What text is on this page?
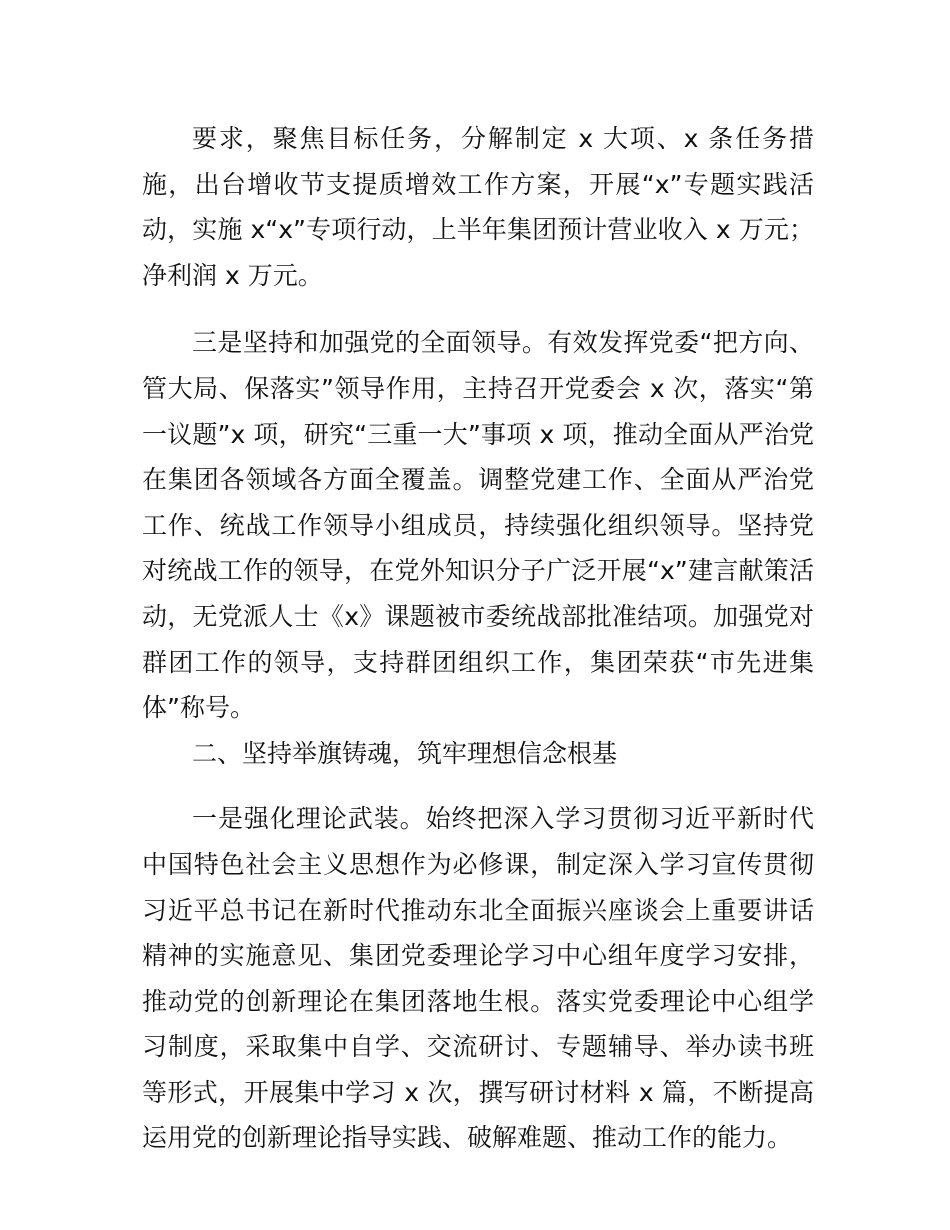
要求，聚焦目标任务，分解制定 x 大项、x 条任务措施，出台增收节支提质增效工作方案，开展“x”专题实践活动，实施 x“x”专项行动，上半年集团预计营业收入 x 万元；净利润 x 万元。

三是坚持和加强党的全面领导。有效发挥党委“把方向、管大局、保落实”领导作用，主持召开党委会 x 次，落实“第一议题”x 项，研究“三重一大”事项 x 项，推动全面从严治党在集团各领域各方面全覆盖。调整党建工作、全面从严治党工作、统战工作领导小组成员，持续强化组织领导。坚持党对统战工作的领导，在党外知识分子广泛开展“x”建言献策活动，无党派人士《x》课题被市委统战部批准结项。加强党对群团工作的领导，支持群团组织工作，集团荣获“市先进集体”称号。

二、坚持举旗铸魂，筑牢理想信念根基

一是强化理论武装。始终把深入学习贯彻习近平新时代中国特色社会主义思想作为必修课，制定深入学习宣传贯彻习近平总书记在新时代推动东北全面振兴座谈会上重要讲话精神的实施意见、集团党委理论学习中心组年度学习安排，推动党的创新理论在集团落地生根。落实党委理论中心组学习制度，采取集中自学、交流研讨、专题辅导、举办读书班等形式，开展集中学习 x 次，撰写研讨材料 x 篇，不断提高运用党的创新理论指导实践、破解难题、推动工作的能力。
